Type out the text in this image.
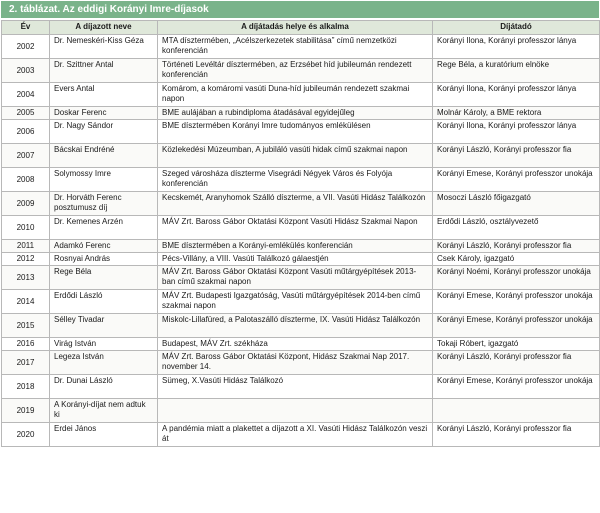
2. táblázat. Az eddigi Korányi Imre-díjasok
Év	A díjazott neve	A díjátadás helye és alkalma	Díjátadó
2002	Dr. Nemeskéri-Kiss Géza	MTA dísztermében, „Acélszerkezetek stabilitása” című nemzetközi konferencián	Korányi Ilona, Korányi professzor lánya
2003	Dr. Szittner Antal	Történeti Levéltár dísztermében, az Erzsébet híd jubileumán rendezett konferencián	Rege Béla, a kuratórium elnöke
2004	Evers Antal	Komárom, a komáromi vasúti Duna-híd jubileumán rendezett szakmai napon	Korányi Ilona, Korányi professzor lánya
2005	Doskar Ferenc	BME aulájában a rubindiploma átadásával egyidejűleg	Molnár Károly, a BME rektora
2006	Dr. Nagy Sándor	BME dísztermében Korányi Imre tudományos emlékülésen	Korányi Ilona, Korányi professzor lánya
2007	Bácskai Endréné	Közlekedési Múzeumban, A jubiláló vasúti hidak című szakmai napon	Korányi László, Korányi professzor fia
2008	Solymossy Imre	Szeged városháza díszterme Visegrádi Négyek Város és Folyója konferencián	Korányi Emese, Korányi professzor unokája
2009	Dr. Horváth Ferenc posztumusz díj	Kecskemét, Aranyhomok Szálló díszterme, a VII. Vasúti Hidász Találkozón	Mosoczi László főigazgató
2010	Dr. Kemenes Arzén	MÁV Zrt. Baross Gábor Oktatási Központ Vasúti Hidász Szakmai Napon	Erdődi László, osztályvezető
2011	Adamkó Ferenc	BME dísztermében a Korányi-emlékülés konferencián	Korányi László, Korányi professzor fia
2012	Rosnyai András	Pécs-Villány, a VIII. Vasúti Találkozó gálaestjén	Csek Károly, igazgató
2013	Rege Béla	MÁV Zrt. Baross Gábor Oktatási Központ Vasúti műtárgyépítések 2013-ban című szakmai napon	Korányi Noémi, Korányi professzor unokája
2014	Erdődi László	MÁV Zrt. Budapesti Igazgatóság, Vasúti műtárgyépítések 2014-ben című szakmai napon	Korányi Emese, Korányi professzor unokája
2015	Sélley Tivadar	Miskolc-Lillafüred, a Palotaszálló díszterme, IX. Vasúti Hidász Találkozón	Korányi Emese, Korányi professzor unokája
2016	Virág István	Budapest, MÁV Zrt. székháza	Tokaji Róbert, igazgató
2017	Legeza István	MÁV Zrt. Baross Gábor Oktatási Központ, Hidász Szakmai Nap 2017. november 14.	Korányi László, Korányi professzor fia
2018	Dr. Dunai László	Sümeg, X.Vasúti Hidász Találkozó	Korányi Emese, Korányi professzor unokája
2019	A Korányi-díjat nem adtuk ki		
2020	Erdei János	A pandémia miatt a plakettet a díjazott a XI. Vasúti Hidász Találkozón veszi át	Korányi László, Korányi professzor fia
